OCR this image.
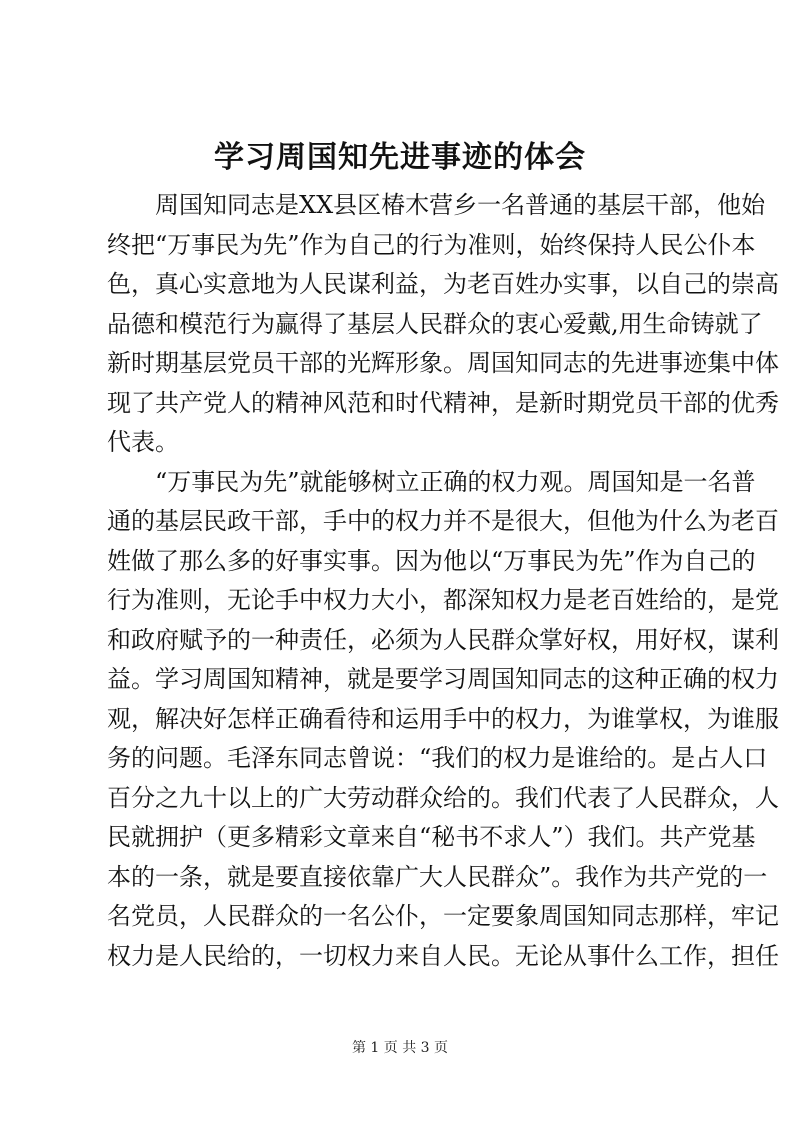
学习周国知先进事迹的体会
周国知同志是XX县区椿木营乡一名普通的基层干部，他始
终把“万事民为先”作为自己的行为准则，始终保持人民公仆本
色，真心实意地为人民谋利益，为老百姓办实事，以自己的崇高
品德和模范行为赢得了基层人民群众的衷心爱戴,用生命铸就了
新时期基层党员干部的光辉形象。周国知同志的先进事迹集中体
现了共产党人的精神风范和时代精神，是新时期党员干部的优秀
代表。
“万事民为先”就能够树立正确的权力观。周国知是一名普
通的基层民政干部，手中的权力并不是很大，但他为什么为老百
姓做了那么多的好事实事。因为他以“万事民为先”作为自己的
行为准则，无论手中权力大小，都深知权力是老百姓给的，是党
和政府赋予的一种责任，必须为人民群众掌好权，用好权，谋利
益。学习周国知精神，就是要学习周国知同志的这种正确的权力
观，解决好怎样正确看待和运用手中的权力，为谁掌权，为谁服
务的问题。毛泽东同志曾说：“我们的权力是谁给的。是占人口
百分之九十以上的广大劳动群众给的。我们代表了人民群众，人
民就拥护（更多精彩文章来自“秘书不求人”）我们。共产党基
本的一条，就是要直接依靠广大人民群众”。我作为共产党的一
名党员，人民群众的一名公仆，一定要象周国知同志那样，牢记
权力是人民给的，一切权力来自人民。无论从事什么工作，担任
第 1 页 共 3 页
